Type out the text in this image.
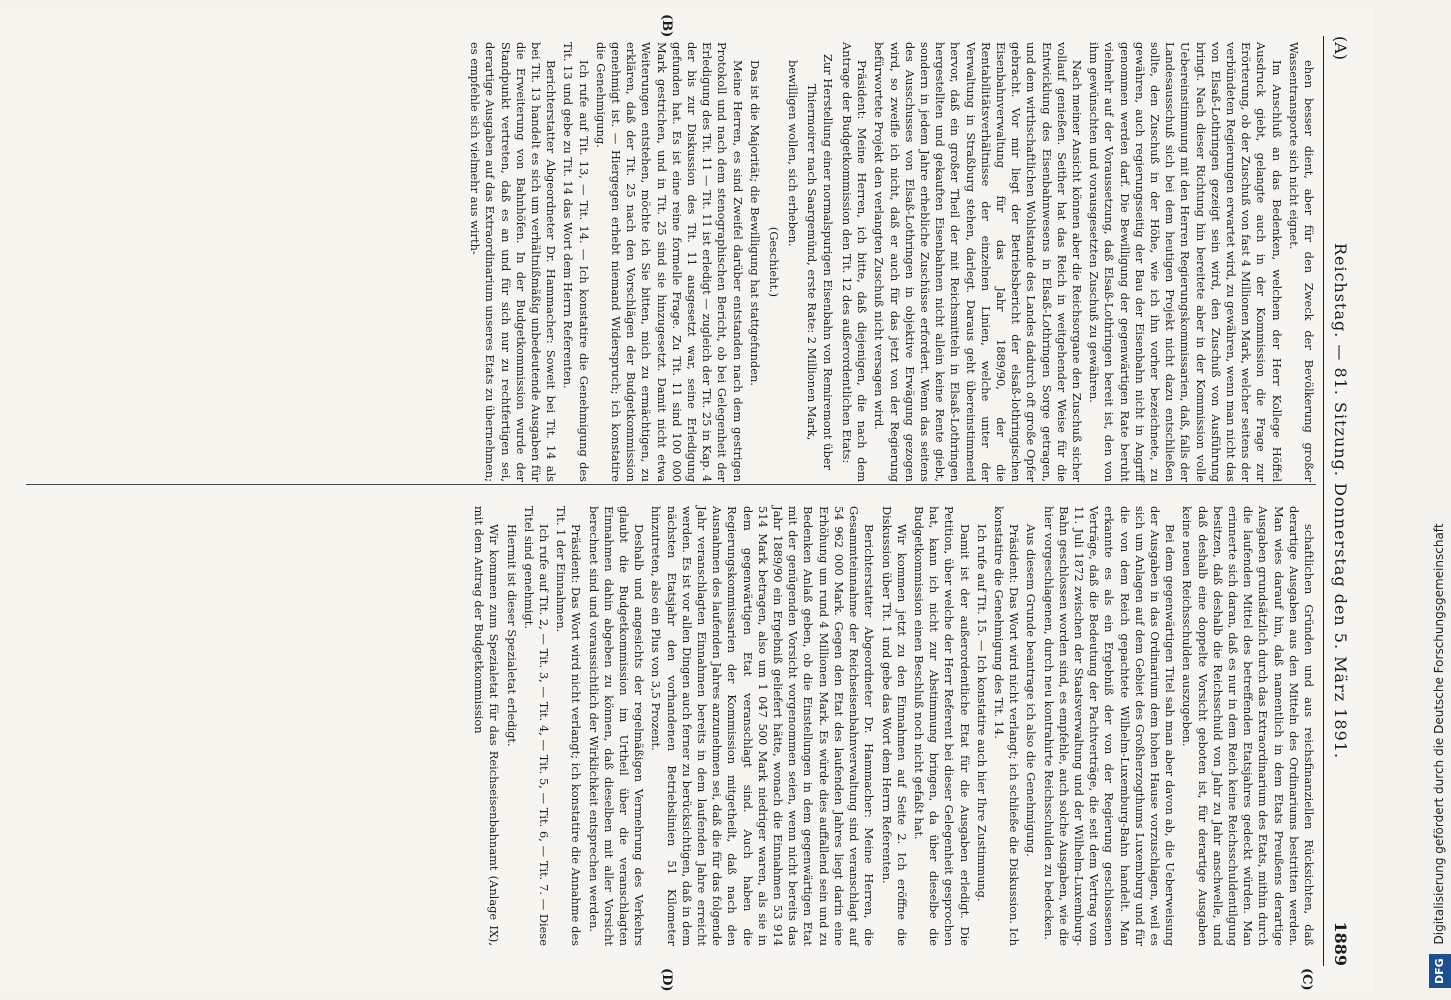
(A)
Reichstag. — 81. Sitzung. Donnerstag den 5. März 1891.
1889

ehen besser dient, aber für den Zweck der Bevölkerung großer Wassentransporte sich nicht eignet.

Im Anschluß an das Bedenken, welchem der Herr Kollege Höffel Ausdruck giebt, gelangte auch in der Kommission die Frage zur Erörterung, ob der Zuschuß von fast 4 Millionen Mark, welcher seitens der verbündeten Regierungen erwartet wird, zu gewähren, wenn man nicht das von Elsaß-Lothringen gezeigt sein wird, den Zuschuß von Ausführung bringt. Nach dieser Richtung hin bereitete aber in der Kommission volle Uebereinstimmung mit den Herren Regierungskommissarien, daß, falls der Landesausschuß sich bei dem heutigen Projekt nicht dazu entschließen sollte, den Zuschuß in der Höhe, wie ich ihn vorher bezeichnete, zu gewähren, auch regierungsseitig der Bau der Eisenbahn nicht in Angriff genommen werden darf. Die Bewilligung der gegenwärtigen Rate beruht vielmehr auf der Voraussetzung, daß Elsaß-Lothringen bereit ist, den von ihm gewünschten und vorausgesetzten Zuschuß zu gewähren.

Nach meiner Ansicht können aber die Reichsorgane den Zuschuß sicher vollauf genießen. Seither hat das Reich in weitgehender Weise für die Entwicklung des Eisenbahnwesens in Elsaß-Lothringen Sorge getragen, und dem wirthschaftlichen Wohlstande des Landes dadurch oft große Opfer gebracht. Vor mir liegt der Betriebsbericht der elsaß-lothringischen Eisenbahnverwaltung für das Jahr 1889/90, der die Rentabilitätsverhältnisse der einzelnen Linien, welche unter der Verwaltung in Straßburg stehen, darlegt. Daraus geht übereinstimmend hervor, daß ein großer Theil der mit Reichsmitteln in Elsaß-Lothringen hergestellten und gekauften Eisenbahnen nicht allein keine Rente giebt, sondern in jedem Jahre erhebliche Zuschüsse erfordert. Wenn das seitens des Ausschusses von Elsaß-Lothringen in objektive Erwägung gezogen wird, so zweifle ich nicht, daß er auch für das jetzt von der Regierung befürwortete Projekt den verlangten Zuschuß nicht versagen wird.

Präsident: Meine Herren, ich bitte, daß diejenigen, die nach dem Antrage der Budgetkommission den Tit. 12 des außerordentlichen Etats:

Zur Herstellung einer normalspurigen Eisenbahn von Remiremont über Thiermoirer nach Saargemünd, erste Rate: 2 Millionen Mark,

bewilligen wollen, sich erheben.

(Geschieht.)

Das ist die Majorität; die Bewilligung hat stattgefunden.

Meine Herren, es sind Zweifel darüber entstanden nach dem gestrigen Protokoll und nach dem stenographischen Bericht, ob bei Gelegenheit der Erledigung des Tit. 11 — Tit. 11 ist erledigt — zugleich der Tit. 25 in Kap. 4 der bis zur Diskussion des Tit. 11 ausgesetzt war, seine Erledigung gefunden hat. Es ist eine reine formelle Frage. Zu Tit. 11 sind 100 000 Mark gestrichen, und in Tit. 25 sind sie hinzugesetzt. Damit nicht etwa Weiterungen entstehen, möchte ich Sie bitten, mich zu ermächtigen, zu erklären, daß der Tit. 25 nach den Vorschlägen der Budgetkommission genehmigt ist. — Hiergegen erhebt niemand Widerspruch; ich konstatire die Genehmigung.

Ich rufe auf Tit. 13, — Tit. 14. — Ich konstatire die Genehmigung des Tit. 13 und gebe zu Tit. 14 das Wort dem Herrn Referenten.

Berichterstatter Abgeordneter Dr. Hammacher: Soweit bei Tit. 14 als bei Tit. 13 handelt es sich um verhältnißmäßig unbedeutende Ausgaben für die Erweiterung von Bahnhöfen. In der Budgetkommission wurde der Standpunkt vertreten, daß es an und für sich nur zu rechtfertigen sei, derartige Ausgaben auf das Extraordinarium unseres Etats zu übernehmen; es empfehle sich vielmehr aus wirth-

schaftlichen Gründen und aus reichsfinanziellen Rücksichten, daß derartige Ausgaben aus den Mitteln des Ordinariums bestritten werden. Man wies darauf hin, daß namentlich in dem Etats Preußens derartige Ausgaben grundsätzlich durch das Extraordinarium des Etats, mithin durch die laufenden Mittel des betreffenden Etatsjahres gedeckt würden. Man erinnerte sich daran, daß es nur in dem Reich keine Reichsschuldentilgung besitzen, daß deshalb die Reichsschuld von Jahr zu Jahr anschwelle, und daß deshalb eine doppelte Vorsicht geboten ist, für derartige Ausgaben keine neuen Reichsschulden auszugeben.

Bei dem gegenwärtigen Titel sah man aber davon ab, die Ueberweisung der Ausgaben in das Ordinarium dem hohen Hause vorzuschlagen, weil es sich um Anlagen auf dem Gebiet des Großherzogthums Luxemburg und für die von dem Reich gepachtete Wilhelm-Luxemburg-Bahn handelt. Man erkannte es als ein Ergebniß der von der Regierung geschlossenen Verträge, daß die Bedeutung der Pachtverträge, die seit dem Vertrag vom 11. Juli 1872 zwischen der Staatsverwaltung und der Wilhelm-Luxemburg-Bahn geschlossen worden sind, es empfehle, auch solche Ausgaben, wie die hier vorgeschlagenen, durch neu kontrahirte Reichsschulden zu bedecken.

Aus diesem Grunde beantrage ich also die Genehmigung.

Präsident: Das Wort wird nicht verlangt; ich schließe die Diskussion. Ich konstatire die Genehmigung des Tit. 14.

Ich rufe auf Tit. 15. — Ich konstatire auch hier Ihre Zustimmung.

Damit ist der außerordentliche Etat für die Ausgaben erledigt. Die Petition, über welche der Herr Referent bei dieser Gelegenheit gesprochen hat, kann ich nicht zur Abstimmung bringen, da über dieselbe die Budgetkommission einen Beschluß noch nicht gefaßt hat.

Wir kommen jetzt zu den Einnahmen auf Seite 2. Ich eröffne die Diskussion über Tit. 1 und gebe das Wort dem Herrn Referenten.

Berichterstatter Abgeordneter Dr. Hammacher: Meine Herren, die Gesammteinnahme der Reichseisenbahnverwaltung sind veranschlagt auf 54 962 000 Mark. Gegen den Etat des laufenden Jahres liegt darin eine Erhöhung um rund 4 Millionen Mark. Es würde dies auffallend sein und zu Bedenken Anlaß geben, ob die Einstellungen in dem gegenwärtigen Etat mit der genügenden Vorsicht vorgenommen seien, wenn nicht bereits das Jahr 1889/90 ein Ergebniß geliefert hätte, wonach die Einnahmen 53 914 514 Mark betragen, also um 1 047 500 Mark niedriger waren, als sie in dem gegenwärtigen Etat veranschlagt sind. Auch haben die Regierungskommissarien der Kommission mitgetheilt, daß nach den Ausnahmen des laufenden Jahres anzunehmen sei, daß die für das folgende Jahr veranschlagten Einnahmen bereits in dem laufenden Jahre erreicht werden. Es ist vor allen Dingen auch ferner zu berücksichtigen, daß in dem nächsten Etatsjahr den vorhandenen Betriebslinien 51 Kilometer hinzutreten, also ein Plus von 3,5 Prozent.

Deshalb und angesichts der regelmäßigen Vermehrung des Verkehrs glaubt die Budgetkommission im Urtheil über die veranschlagten Einnahmen dahin abgeben zu können, daß dieselben mit aller Vorsicht berechnet sind und voraussichtlich der Wirklichkeit entsprechen werden.

Präsident: Das Wort wird nicht verlangt; ich konstatire die Annahme des Tit. 1 der Einnahmen.

Ich rufe auf Tit. 2, — Tit. 3, — Tit. 4, — Tit. 5, — Tit. 6, — Tit. 7. — Diese Titel sind genehmigt.

Hiermit ist dieser Spezialetat erledigt.

Wir kommen zum Spezialetat für das Reichseisenbahnamt (Anlage IX), mit dem Antrag der Budgetkommission

(B)
(C)
(D)	DFG Digitalisierung gefördert durch die Deutsche Forschungsgemeinschaft
